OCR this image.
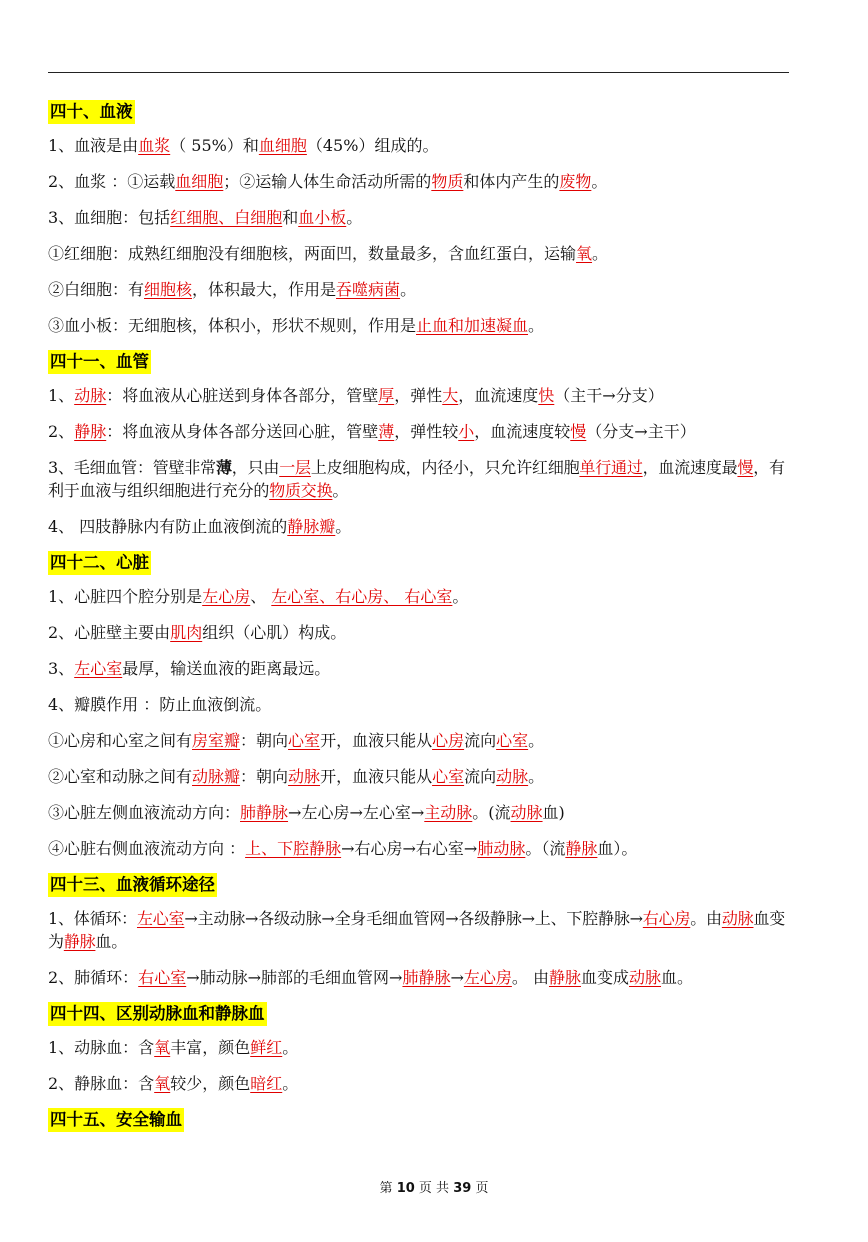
四十、血液
1、血液是由血浆（ 55%）和血细胞（45%）组成的。
2、血浆 ：①运载血细胞；②运输人体生命活动所需的物质和体内产生的废物。
3、血细胞：包括红细胞、白细胞和血小板。
①红细胞：成熟红细胞没有细胞核，两面凹，数量最多，含血红蛋白，运输氧。
②白细胞：有细胞核，体积最大，作用是吞噬病菌。
③血小板：无细胞核，体积小，形状不规则，作用是止血和加速凝血。
四十一、血管
1、动脉：将血液从心脏送到身体各部分，管壁厚，弹性大，血流速度快（主干→分支）
2、静脉：将血液从身体各部分送回心脏，管壁薄，弹性较小，血流速度较慢（分支→主干）
3、毛细血管：管壁非常薄，只由一层上皮细胞构成，内径小，只允许红细胞单行通过，血流速度最慢，有利于血液与组织细胞进行充分的物质交换。
4、 四肢静脉内有防止血液倒流的静脉瓣。
四十二、心脏
1、心脏四个腔分别是左心房、 左心室、右心房、 右心室。
2、心脏壁主要由肌肉组织（心肌）构成。
3、左心室最厚，输送血液的距离最远。
4、瓣膜作用 ：防止血液倒流。
①心房和心室之间有房室瓣：朝向心室开，血液只能从心房流向心室。
②心室和动脉之间有动脉瓣：朝向动脉开，血液只能从心室流向动脉。
③心脏左侧血液流动方向：肺静脉→左心房→左心室→主动脉。(流动脉血)
④心脏右侧血液流动方向 ：上、下腔静脉→右心房→右心室→肺动脉。（流静脉血）。
四十三、血液循环途径
1、体循环：左心室→主动脉→各级动脉→全身毛细血管网→各级静脉→上、下腔静脉→右心房。由动脉血变为静脉血。
2、肺循环：右心室→肺动脉→肺部的毛细血管网→肺静脉→左心房。 由静脉血变成动脉血。
四十四、区别动脉血和静脉血
1、动脉血：含氧丰富，颜色鲜红。
2、静脉血：含氧较少，颜色暗红。
四十五、安全输血
第 10 页 共 39 页
